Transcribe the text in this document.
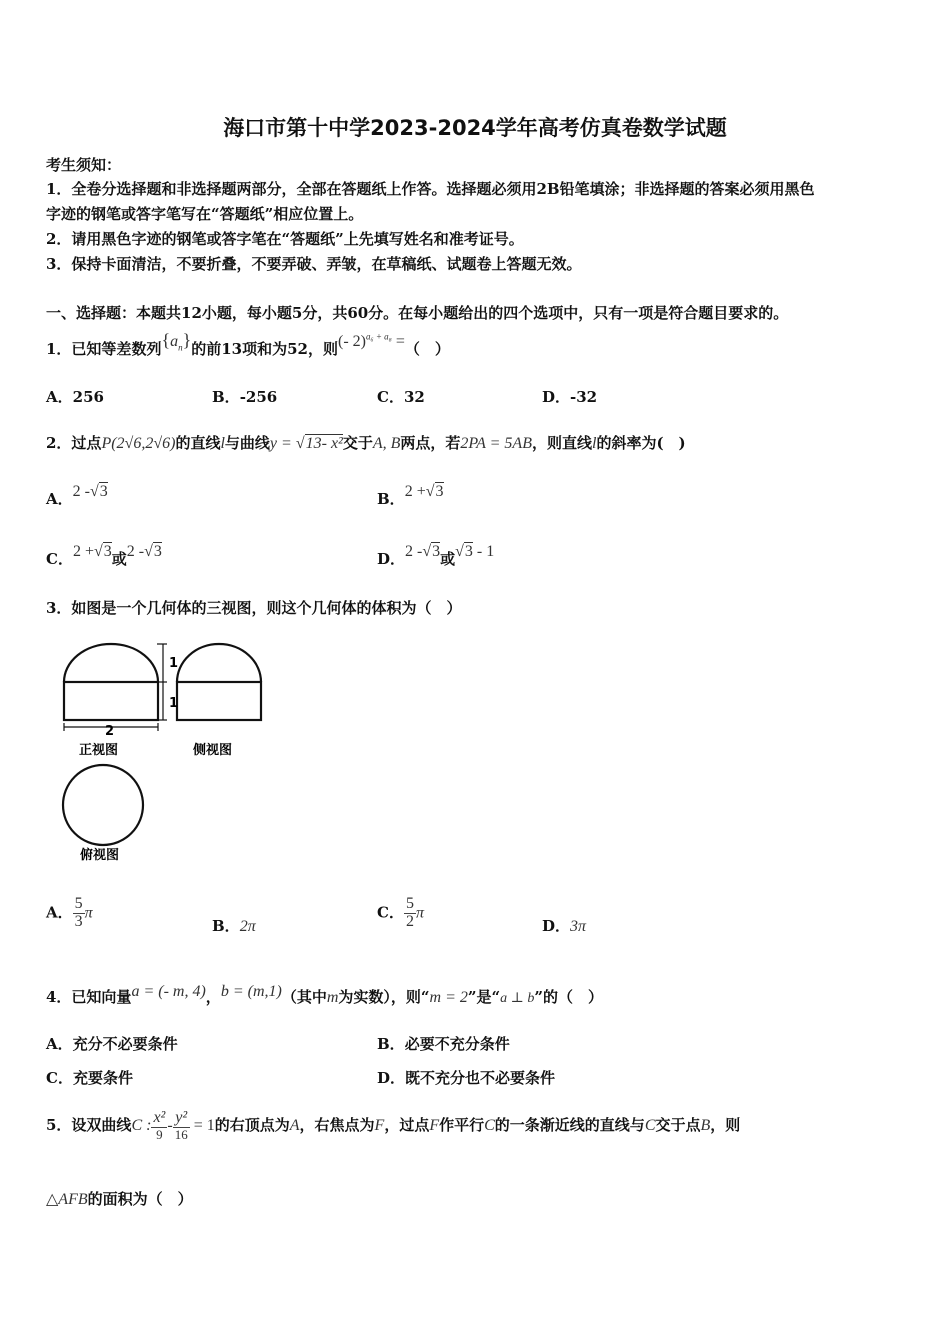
海口市第十中学2023-2024学年高考仿真卷数学试题
考生须知：
1．全卷分选择题和非选择题两部分，全部在答题纸上作答。选择题必须用2B铅笔填涂；非选择题的答案必须用黑色
字迹的钢笔或答字笔写在“答题纸”相应位置上。
2．请用黑色字迹的钢笔或答字笔在“答题纸”上先填写姓名和准考证号。
3．保持卡面清洁，不要折叠，不要弄破、弄皱，在草稿纸、试题卷上答题无效。
一、选择题：本题共12小题，每小题5分，共60分。在每小题给出的四个选项中，只有一项是符合题目要求的。
1．已知等差数列$\{a_n\}$的前13项和为52，则(- 2)$^{a_6 + a_8}$ =（　）
A．256	B．-256	C．32	D．-32
2．过点P(2√6,2√6)的直线l与曲线y = √13- x²交于A, B两点，若2PA = 5AB，则直线l的斜率为(　)
A．2 -√3	B．2 +√3
C．2 +√3或2 -√3	D．2 -√3或√3 - 1
3．如图是一个几何体的三视图，则这个几何体的体积为（　）
1
1
2
正视图	侧视图
俯视图
A． $\frac{5}{3}$ π
B．2π
C． $\frac{5}{2}$ π
D．3π
4．已知向量a = (- m, 4)，b = (m,1)（其中m为实数），则“m = 2”是“a ⊥ b”的（　）
A．充分不必要条件	B．必要不充分条件
C．充要条件	D．既不充分也不必要条件
5．设双曲线C : $\frac{\text{x²}}{9} - \frac{\text{y²}}{16} = 1$的右顶点为A，右焦点为F，过点F作平行C的一条渐近线的直线与C交于点B，则
△AFB的面积为（　）
